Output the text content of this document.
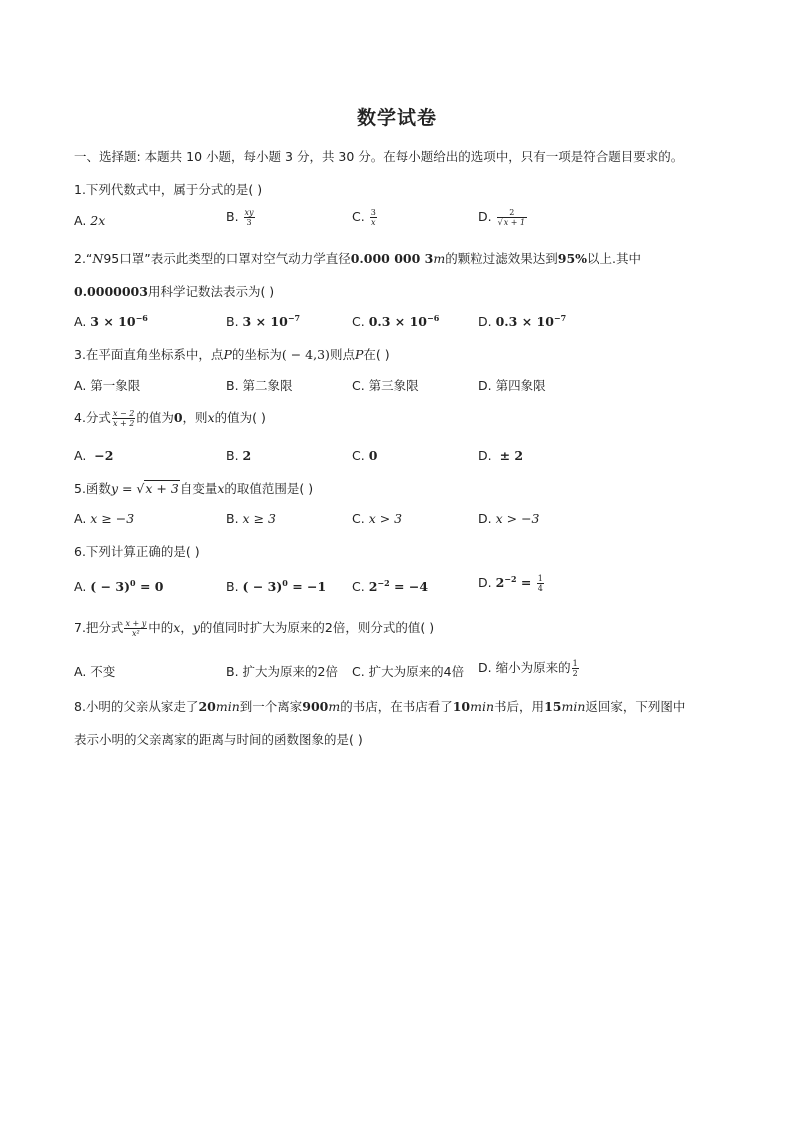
数学试卷
一、选择题: 本题共 10 小题，每小题 3 分，共 30 分。在每小题给出的选项中，只有一项是符合题目要求的。
1.下列代数式中，属于分式的是( )
A. 2x	B. $\frac{xy}{3}$	C. $\frac{3}{x}$	D. $\frac{2}{√x + 1}$
2.“N95口罩”表示此类型的口罩对空气动力学直径0.000 000 3m的颗粒过滤效果达到95%以上.其中
0.0000003用科学记数法表示为( )
A. $3 \times 10^{-6}$	B. $3 \times 10^{-7}$	C. $0.3 \times 10^{-6}$	D. $0.3 \times 10^{-7}$
3.在平面直角坐标系中，点P的坐标为( − 4,3)则点P在( )
A. 第一象限	B. 第二象限	C. 第三象限	D. 第四象限
4.分式 $\frac{x - 2}{x + 2}$ 的值为0，则x的值为( )
A. −2	B. 2	C. 0	D. ± 2
5.函数y = √x + 3自变量x的取值范围是( )
A. x ≥ −3	B. x ≥ 3	C. x > 3	D. x > −3
6.下列计算正确的是( )
A. ( − 3)$^0$ = 0	B. ( − 3)$^0$ = −1 C. $2^{-2} = -4$	D. $2^{-2} = \frac{1}{4}$
7.把分式 $\frac{x + y}{\text{x²}}$ 中的x，y的值同时扩大为原来的2倍，则分式的值( )
A. 不变	B. 扩大为原来的2倍 C. 扩大为原来的4倍 D. 缩小为原来的 $\frac{1}{2}$
8.小明的父亲从家走了20min到一个离家900m的书店，在书店看了10min书后，用15min返回家，下列图中
表示小明的父亲离家的距离与时间的函数图象的是( )
